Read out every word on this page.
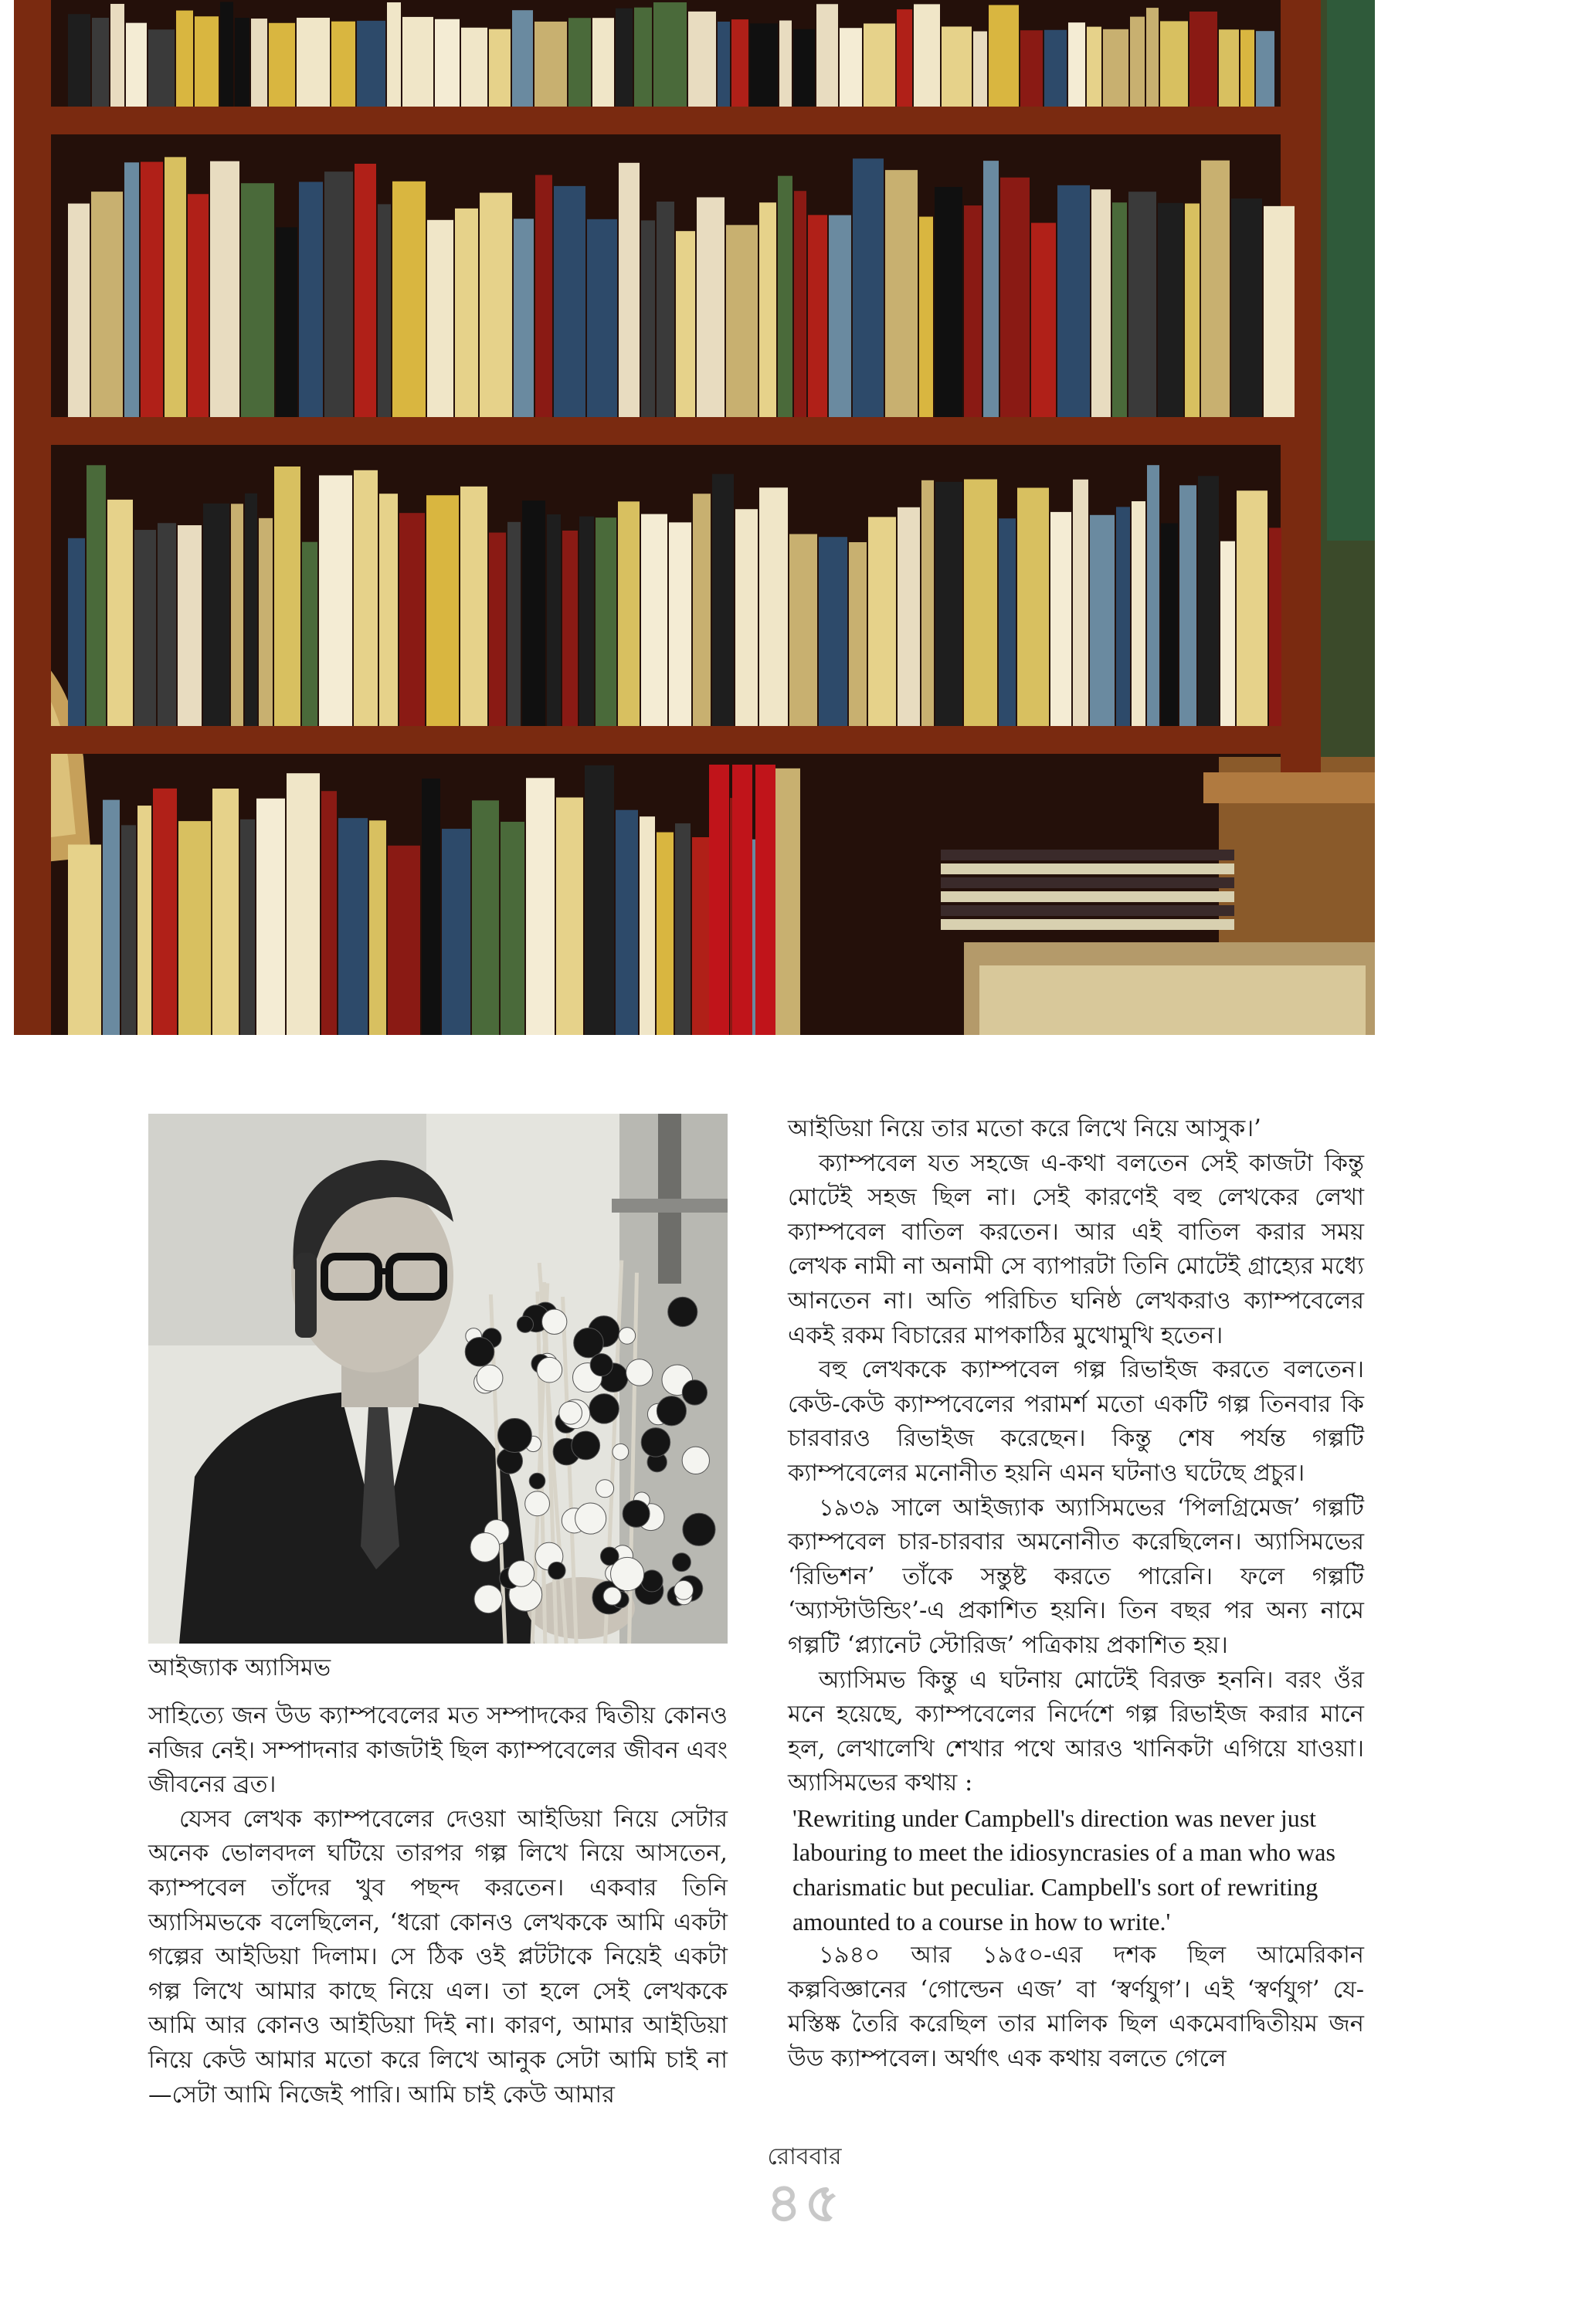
আইজ্যাক অ্যাসিমভ

সাহিত্যে জন উড ক্যাম্পবেলের মত সম্পাদকের দ্বিতীয় কোনও নজির নেই। সম্পাদনার কাজটাই ছিল ক্যাম্পবেলের জীবন এবং জীবনের ব্রত।

যেসব লেখক ক্যাম্পবেলের দেওয়া আইডিয়া নিয়ে সেটার অনেক ভোলবদল ঘটিয়ে তারপর গল্প লিখে নিয়ে আসতেন, ক্যাম্পবেল তাঁদের খুব পছন্দ করতেন। একবার তিনি অ্যাসিমভকে বলেছিলেন, ‘ধরো কোনও লেখককে আমি একটা গল্পের আইডিয়া দিলাম। সে ঠিক ওই প্লটটাকে নিয়েই একটা গল্প লিখে আমার কাছে নিয়ে এল। তা হলে সেই লেখককে আমি আর কোনও আইডিয়া দিই না। কারণ, আমার আইডিয়া নিয়ে কেউ আমার মতো করে লিখে আনুক সেটা আমি চাই না—সেটা আমি নিজেই পারি। আমি চাই কেউ আমার

আইডিয়া নিয়ে তার মতো করে লিখে নিয়ে আসুক।’

ক্যাম্পবেল যত সহজে এ-কথা বলতেন সেই কাজটা কিন্তু মোটেই সহজ ছিল না। সেই কারণেই বহু লেখকের লেখা ক্যাম্পবেল বাতিল করতেন। আর এই বাতিল করার সময় লেখক নামী না অনামী সে ব্যাপারটা তিনি মোটেই গ্রাহ্যের মধ্যে আনতেন না। অতি পরিচিত ঘনিষ্ঠ লেখকরাও ক্যাম্পবেলের একই রকম বিচারের মাপকাঠির মুখোমুখি হতেন।

বহু লেখককে ক্যাম্পবেল গল্প রিভাইজ করতে বলতেন। কেউ-কেউ ক্যাম্পবেলের পরামর্শ মতো একটি গল্প তিনবার কি চারবারও রিভাইজ করেছেন। কিন্তু শেষ পর্যন্ত গল্পটি ক্যাম্পবেলের মনোনীত হয়নি এমন ঘটনাও ঘটেছে প্রচুর।

১৯৩৯ সালে আইজ্যাক অ্যাসিমভের ‘পিলগ্রিমেজ’ গল্পটি ক্যাম্পবেল চার-চারবার অমনোনীত করেছিলেন। অ্যাসিমভের ‘রিভিশন’ তাঁকে সন্তুষ্ট করতে পারেনি। ফলে গল্পটি ‘অ্যাস্টাউন্ডিং’-এ প্রকাশিত হয়নি। তিন বছর পর অন্য নামে গল্পটি ‘প্ল্যানেট স্টোরিজ’ পত্রিকায় প্রকাশিত হয়।

অ্যাসিমভ কিন্তু এ ঘটনায় মোটেই বিরক্ত হননি। বরং ওঁর মনে হয়েছে, ক্যাম্পবেলের নির্দেশে গল্প রিভাইজ করার মানে হল, লেখালেখি শেখার পথে আরও খানিকটা এগিয়ে যাওয়া। অ্যাসিমভের কথায় :

'Rewriting under Campbell's direction was never just labouring to meet the idiosyncrasies of a man who was charismatic but peculiar. Campbell's sort of rewriting amounted to a course in how to write.'

১৯৪০ আর ১৯৫০-এর দশক ছিল আমেরিকান কল্পবিজ্ঞানের ‘গোল্ডেন এজ’ বা ‘স্বর্ণযুগ’। এই ‘স্বর্ণযুগ’ যে-মস্তিষ্ক তৈরি করেছিল তার মালিক ছিল একমেবাদ্বিতীয়ম জন উড ক্যাম্পবেল। অর্থাৎ এক কথায় বলতে গেলে

রোববার
৪৫
